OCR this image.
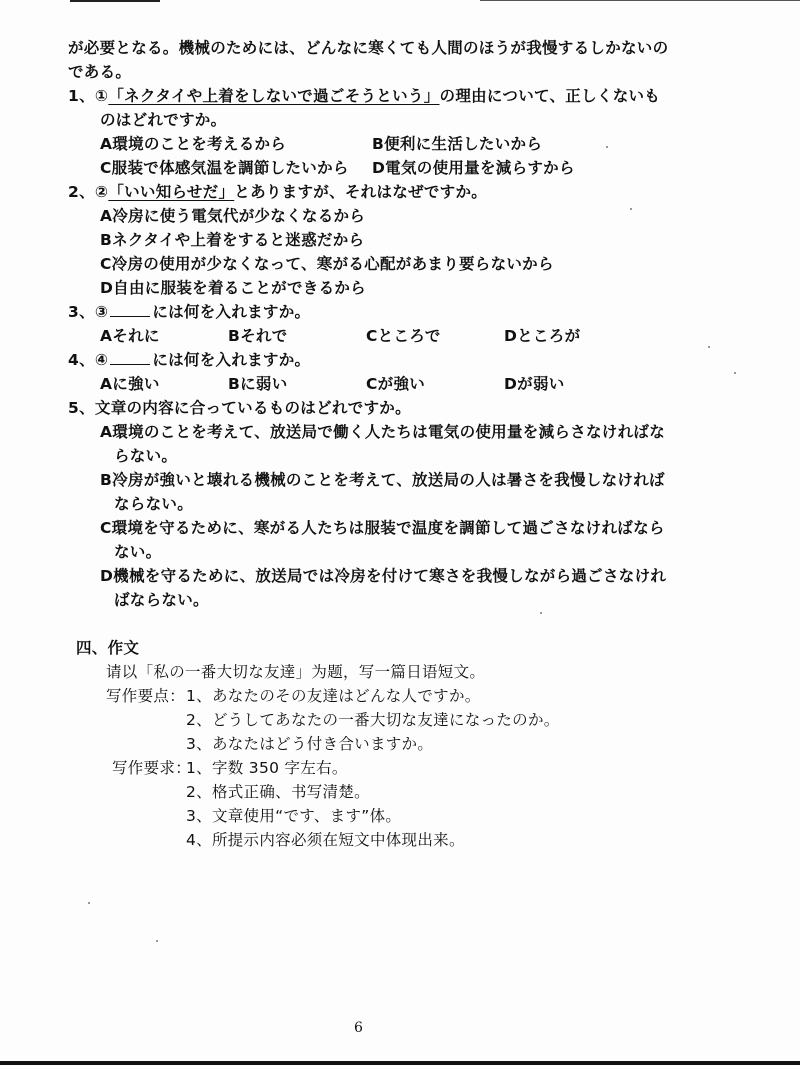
が必要となる。機械のためには、どんなに寒くても人間のほうが我慢するしかないの
である。
1、①「ネクタイや上着をしないで過ごそうという」の理由について、正しくないも
のはどれですか。
A環境のことを考えるから	B便利に生活したいから
C服装で体感気温を調節したいから D電気の使用量を減らすから
2、②「いい知らせだ」とありますが、それはなぜですか。
A冷房に使う電気代が少なくなるから
Bネクタイや上着をすると迷惑だから
C冷房の使用が少なくなって、寒がる心配があまり要らないから
D自由に服装を着ることができるから
3、③	には何を入れますか。
Aそれに	Bそれで	Cところで	Dところが
4、④	には何を入れますか。
Aに強い	Bに弱い	Cが強い	Dが弱い
5、文章の内容に合っているものはどれですか。
A環境のことを考えて、放送局で働く人たちは電気の使用量を減らさなければな
らない。
B冷房が強いと壊れる機械のことを考えて、放送局の人は暑さを我慢しなければ
ならない。
C環境を守るために、寒がる人たちは服装で温度を調節して過ごさなければなら
ない。
D機械を守るために、放送局では冷房を付けて寒さを我慢しながら過ごさなけれ
ばならない。
四、作文
请以「私の一番大切な友達」为题，写一篇日语短文。
写作要点： 1、あなたのその友達はどんな人ですか。
2、どうしてあなたの一番大切な友達になったのか。
3、あなたはどう付き合いますか。
写作要求：
1、字数 350 字左右。
2、格式正确、书写清楚。
3、文章使用“です、ます”体。
4、所提示内容必须在短文中体现出来。
6
